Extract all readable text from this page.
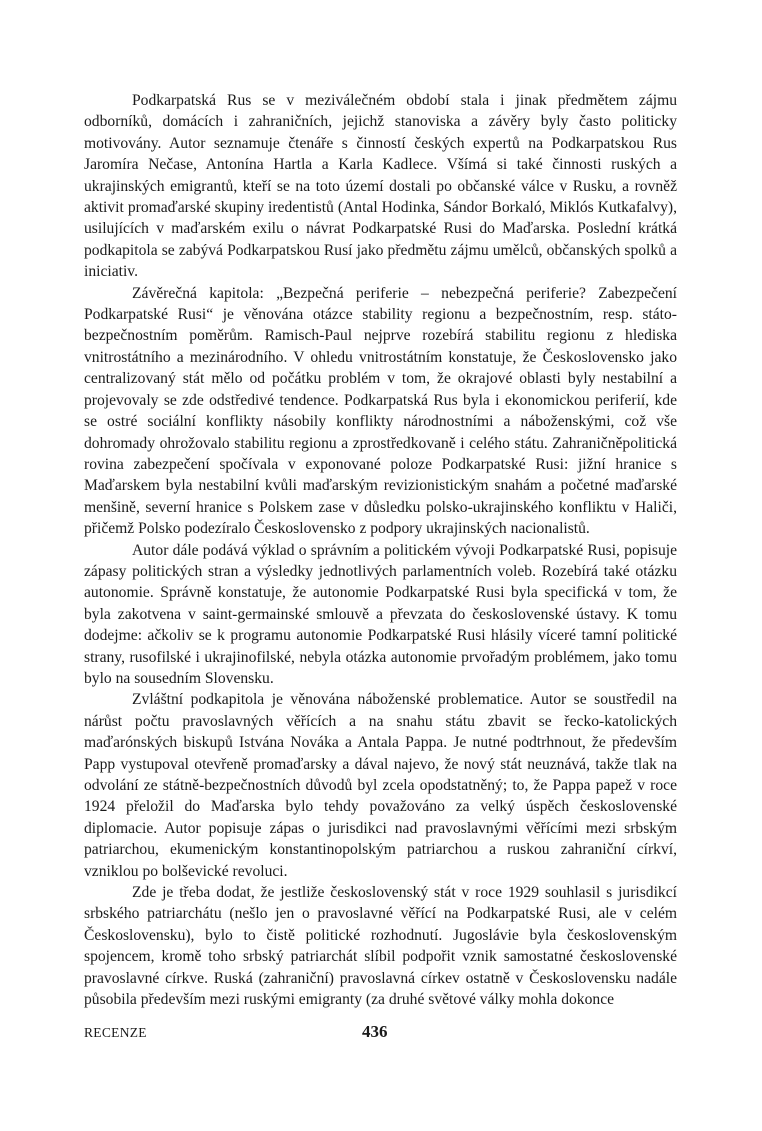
Podkarpatská Rus se v meziválečném období stala i jinak předmětem zájmu odborníků, domácích i zahraničních, jejichž stanoviska a závěry byly často politicky motivovány. Autor seznamuje čtenáře s činností českých expertů na Podkarpatskou Rus Jaromíra Nečase, Antonína Hartla a Karla Kadlece. Všímá si také činnosti ruských a ukrajinských emigrantů, kteří se na toto území dostali po občanské válce v Rusku, a rovněž aktivit promaďarské skupiny iredentistů (Antal Hodinka, Sándor Borkaló, Miklós Kutkafalvy), usilujících v maďarském exilu o návrat Podkarpatské Rusi do Maďarska. Poslední krátká podkapitola se zabývá Podkarpatskou Rusí jako předmětu zájmu umělců, občanských spolků a iniciativ.

Závěrečná kapitola: „Bezpečná periferie – nebezpečná periferie? Zabezpečení Podkarpatské Rusi“ je věnována otázce stability regionu a bezpečnostním, resp. státobezpečnostním poměrům. Ramisch-Paul nejprve rozebírá stabilitu regionu z hlediska vnitrostátního a mezinárodního. V ohledu vnitrostátním konstatuje, že Československo jako centralizovaný stát mělo od počátku problém v tom, že okrajové oblasti byly nestabilní a projevovaly se zde odstředivé tendence. Podkarpatská Rus byla i ekonomickou periferií, kde se ostré sociální konflikty násobily konflikty národnostními a náboženskými, což vše dohromady ohrožovalo stabilitu regionu a zprostředkovaně i celého státu. Zahraničněpolitická rovina zabezpečení spočívala v exponované poloze Podkarpatské Rusi: jižní hranice s Maďarskem byla nestabilní kvůli maďarským revizionistickým snahám a početné maďarské menšině, severní hranice s Polskem zase v důsledku polsko-ukrajinského konfliktu v Haliči, přičemž Polsko podezíralo Československo z podpory ukrajinských nacionalistů.

Autor dále podává výklad o správním a politickém vývoji Podkarpatské Rusi, popisuje zápasy politických stran a výsledky jednotlivých parlamentních voleb. Rozebírá také otázku autonomie. Správně konstatuje, že autonomie Podkarpatské Rusi byla specifická v tom, že byla zakotvena v saint-germainské smlouvě a převzata do československé ústavy. K tomu dodejme: ačkoliv se k programu autonomie Podkarpatské Rusi hlásily víceré tamní politické strany, rusofilské i ukrajinofilské, nebyla otázka autonomie prvořadým problémem, jako tomu bylo na sousedním Slovensku.

Zvláštní podkapitola je věnována náboženské problematice. Autor se soustředil na nárůst počtu pravoslavných věřících a na snahu státu zbavit se řecko-katolických maďarónských biskupů Istvána Nováka a Antala Pappa. Je nutné podtrhnout, že především Papp vystupoval otevřeně promaďarsky a dával najevo, že nový stát neuznává, takže tlak na odvolání ze státně-bezpečnostních důvodů byl zcela opodstatněný; to, že Pappa papež v roce 1924 přeložil do Maďarska bylo tehdy považováno za velký úspěch československé diplomacie. Autor popisuje zápas o jurisdikci nad pravoslavnými věřícími mezi srbským patriarchou, ekumenickým konstantinopolským patriarchou a ruskou zahraniční církví, vzniklou po bolševické revoluci.

Zde je třeba dodat, že jestliže československý stát v roce 1929 souhlasil s jurisdikcí srbského patriarchátu (nešlo jen o pravoslavné věřící na Podkarpatské Rusi, ale v celém Československu), bylo to čistě politické rozhodnutí. Jugoslávie byla československým spojencem, kromě toho srbský patriarchát slíbil podpořit vznik samostatné československé pravoslavné církve. Ruská (zahraniční) pravoslavná církev ostatně v Československu nadále působila především mezi ruskými emigranty (za druhé světové války mohla dokonce

RECENZE	436
